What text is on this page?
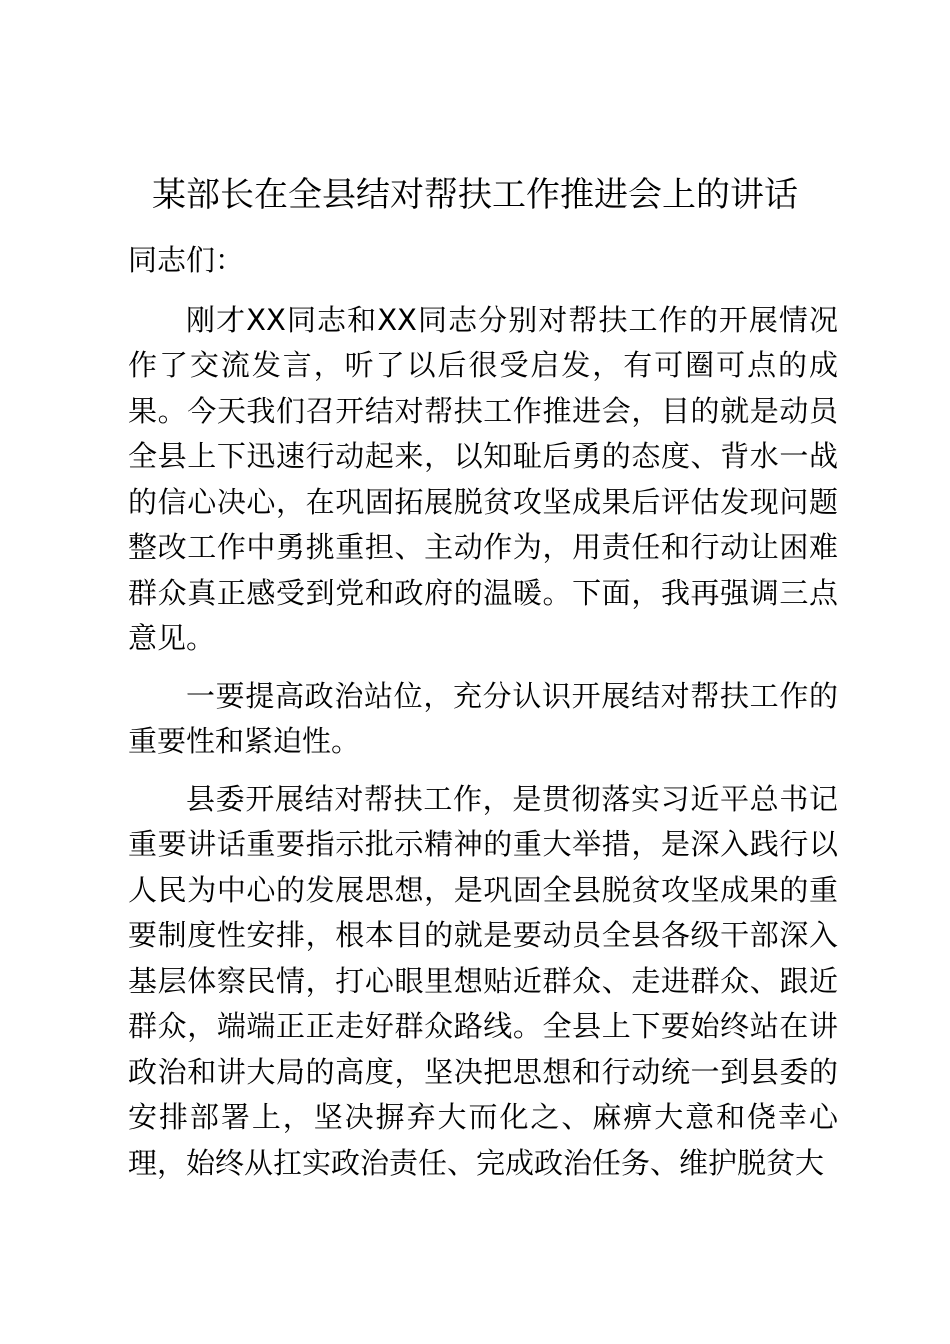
某部长在全县结对帮扶工作推进会上的讲话

同志们：

刚才XX同志和XX同志分别对帮扶工作的开展情况作了交流发言，听了以后很受启发，有可圈可点的成果。今天我们召开结对帮扶工作推进会，目的就是动员全县上下迅速行动起来，以知耻后勇的态度、背水一战的信心决心，在巩固拓展脱贫攻坚成果后评估发现问题整改工作中勇挑重担、主动作为，用责任和行动让困难群众真正感受到党和政府的温暖。下面，我再强调三点意见。

一要提高政治站位，充分认识开展结对帮扶工作的重要性和紧迫性。

县委开展结对帮扶工作，是贯彻落实习近平总书记重要讲话重要指示批示精神的重大举措，是深入践行以人民为中心的发展思想，是巩固全县脱贫攻坚成果的重要制度性安排，根本目的就是要动员全县各级干部深入基层体察民情，打心眼里想贴近群众、走进群众、跟近群众，端端正正走好群众路线。全县上下要始终站在讲政治和讲大局的高度，坚决把思想和行动统一到县委的安排部署上，坚决摒弃大而化之、麻痹大意和侥幸心理，始终从扛实政治责任、完成政治任务、维护脱贫大
